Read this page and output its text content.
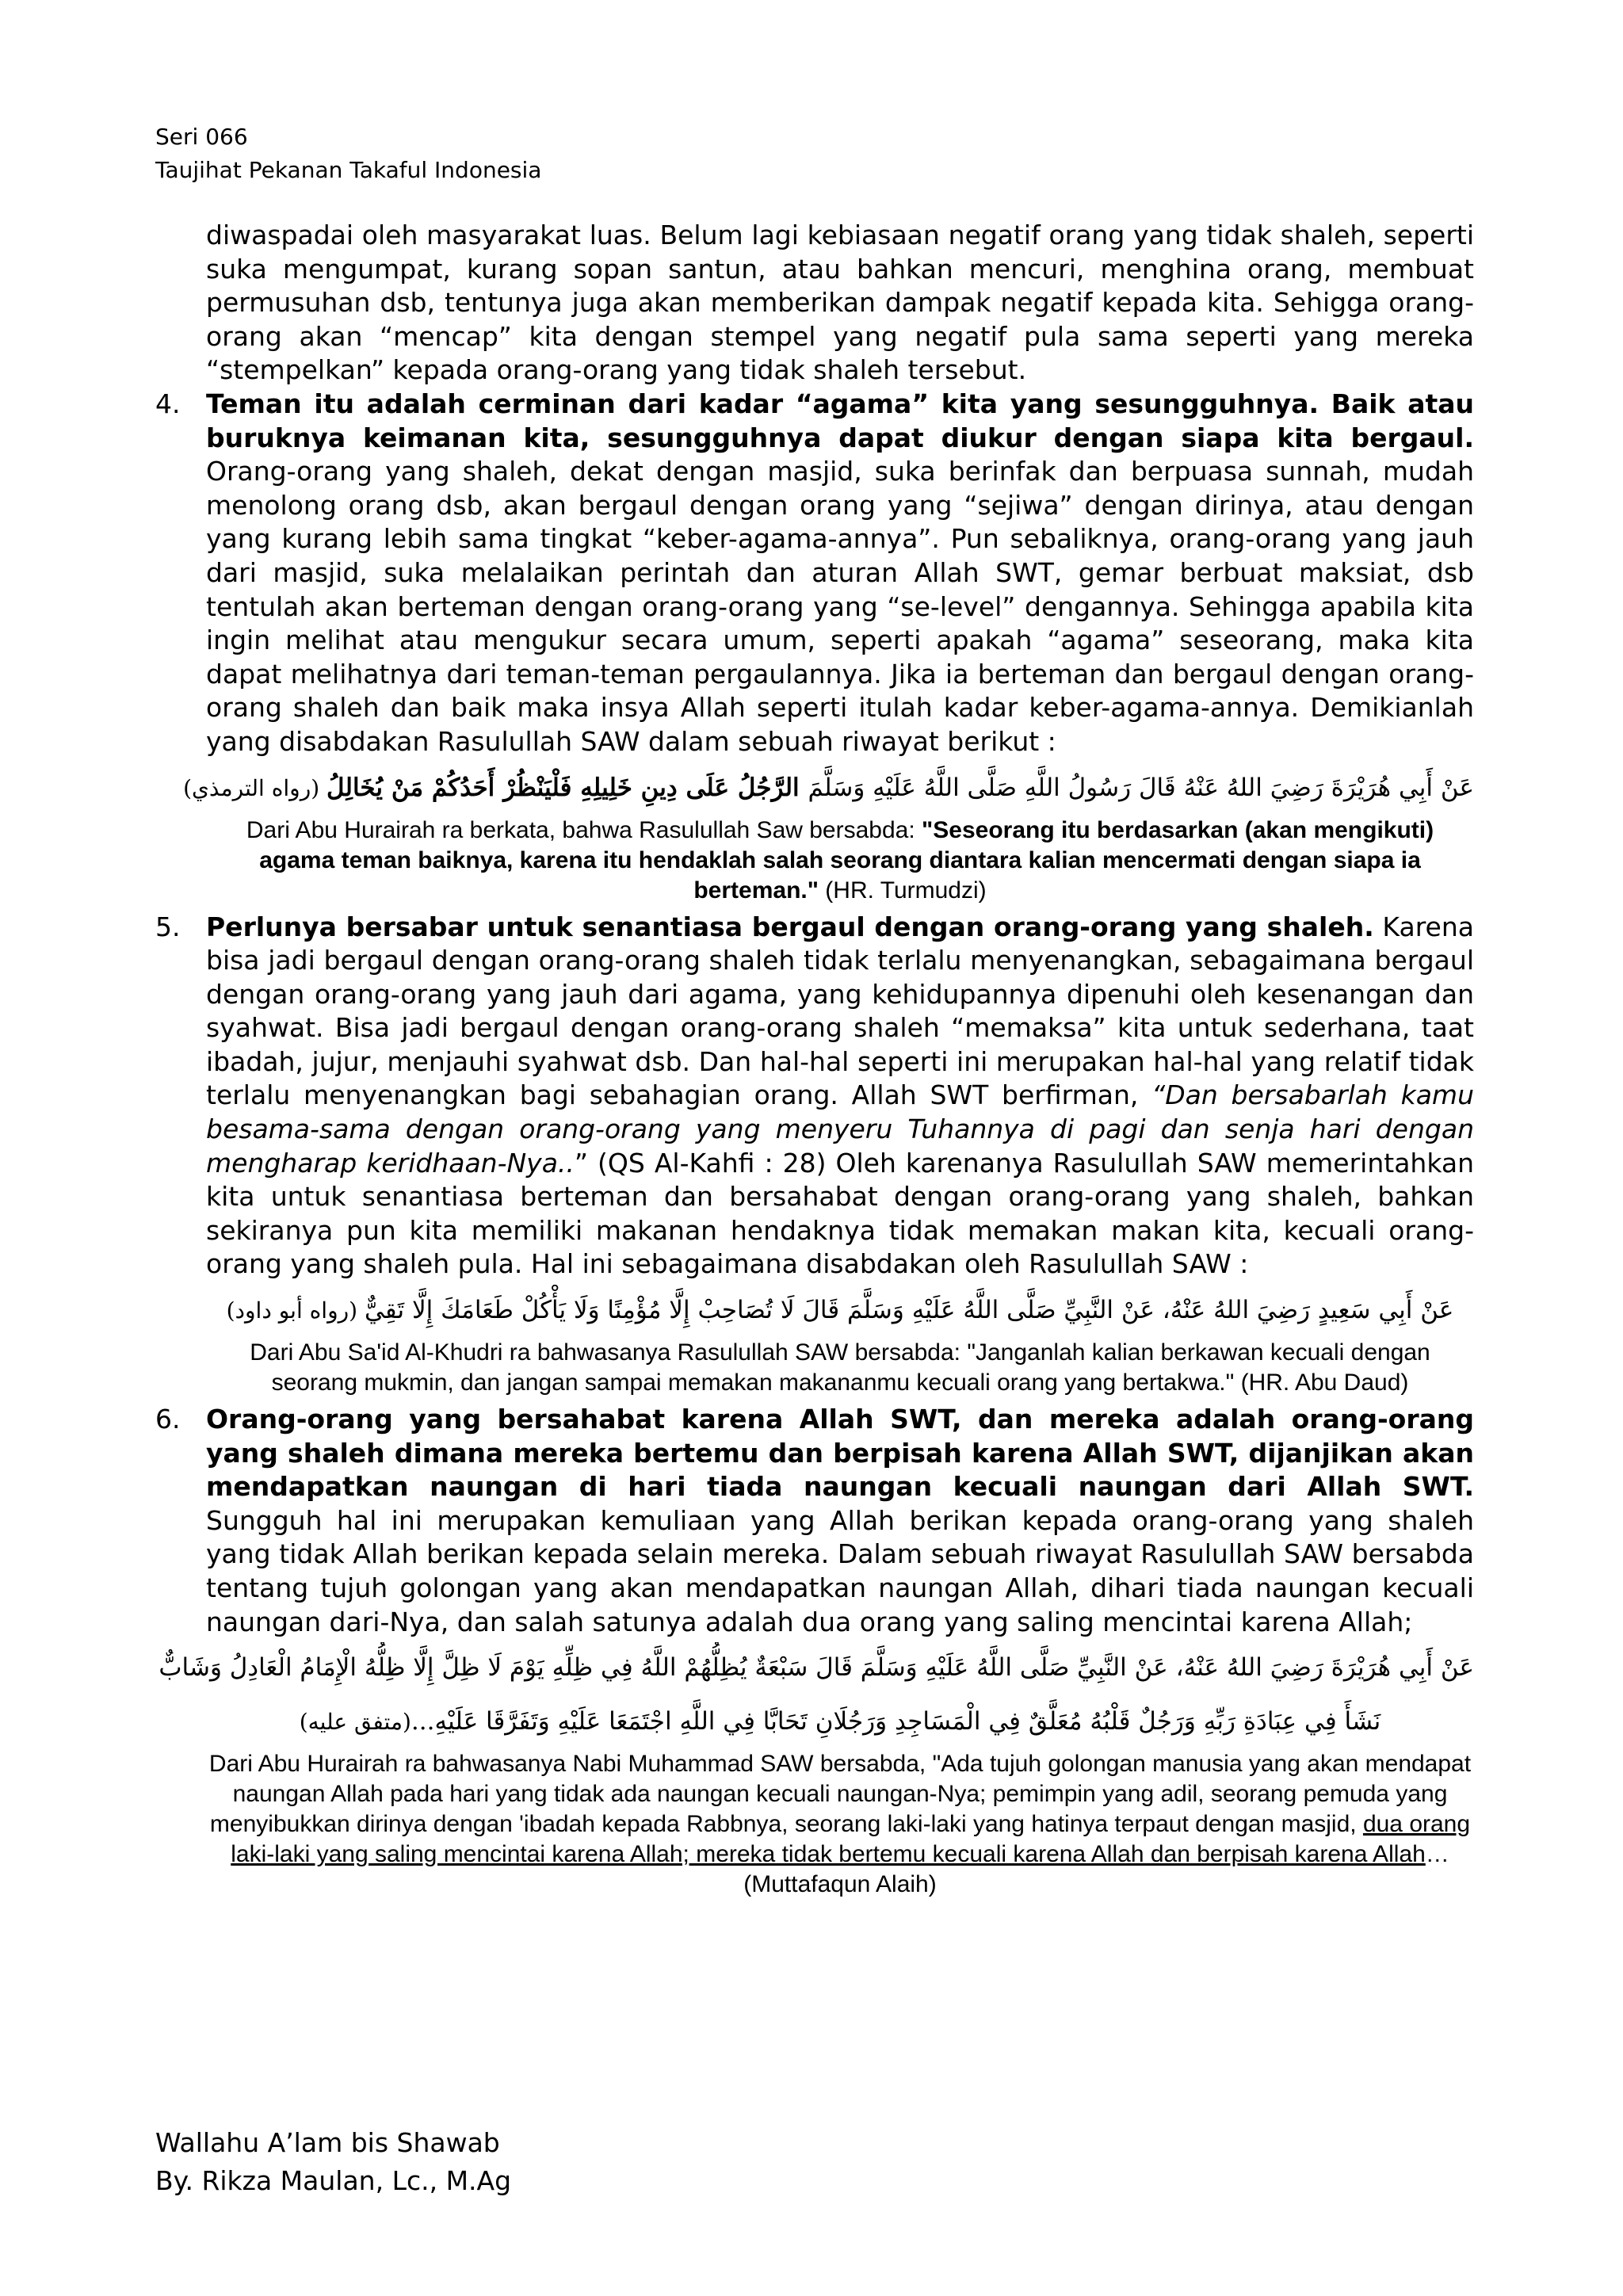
Seri 066
Taujihat Pekanan Takaful Indonesia

diwaspadai oleh masyarakat luas. Belum lagi kebiasaan negatif orang yang tidak shaleh, seperti suka mengumpat, kurang sopan santun, atau bahkan mencuri, menghina orang, membuat permusuhan dsb, tentunya juga akan memberikan dampak negatif kepada kita. Sehigga orang-orang akan “mencap” kita dengan stempel yang negatif pula sama seperti yang mereka “stempelkan” kepada orang-orang yang tidak shaleh tersebut.

4. Teman itu adalah cerminan dari kadar “agama” kita yang sesungguhnya. Baik atau buruknya keimanan kita, sesungguhnya dapat diukur dengan siapa kita bergaul. Orang-orang yang shaleh, dekat dengan masjid, suka berinfak dan berpuasa sunnah, mudah menolong orang dsb, akan bergaul dengan orang yang “sejiwa” dengan dirinya, atau dengan yang kurang lebih sama tingkat “keber-agama-annya”. Pun sebaliknya, orang-orang yang jauh dari masjid, suka melalaikan perintah dan aturan Allah SWT, gemar berbuat maksiat, dsb tentulah akan berteman dengan orang-orang yang “se-level” dengannya. Sehingga apabila kita ingin melihat atau mengukur secara umum, seperti apakah “agama” seseorang, maka kita dapat melihatnya dari teman-teman pergaulannya. Jika ia berteman dan bergaul dengan orang-orang shaleh dan baik maka insya Allah seperti itulah kadar keber-agama-annya. Demikianlah yang disabdakan Rasulullah SAW dalam sebuah riwayat berikut :

عَنْ أَبِي هُرَيْرَةَ رَضِيَ اللهُ عَنْهُ قَالَ رَسُولُ اللَّهِ صَلَّى اللَّهُ عَلَيْهِ وَسَلَّمَ الرَّجُلُ عَلَى دِينِ خَلِيلِهِ فَلْيَنْظُرْ أَحَدُكُمْ مَنْ يُخَالِلُ (رواه الترمذي)

Dari Abu Hurairah ra berkata, bahwa Rasulullah Saw bersabda: "Seseorang itu berdasarkan (akan mengikuti) agama teman baiknya, karena itu hendaklah salah seorang diantara kalian mencermati dengan siapa ia berteman." (HR. Turmudzi)

5. Perlunya bersabar untuk senantiasa bergaul dengan orang-orang yang shaleh. Karena bisa jadi bergaul dengan orang-orang shaleh tidak terlalu menyenangkan, sebagaimana bergaul dengan orang-orang yang jauh dari agama, yang kehidupannya dipenuhi oleh kesenangan dan syahwat. Bisa jadi bergaul dengan orang-orang shaleh “memaksa” kita untuk sederhana, taat ibadah, jujur, menjauhi syahwat dsb. Dan hal-hal seperti ini merupakan hal-hal yang relatif tidak terlalu menyenangkan bagi sebahagian orang. Allah SWT berfirman, “Dan bersabarlah kamu besama-sama dengan orang-orang yang menyeru Tuhannya di pagi dan senja hari dengan mengharap keridhaan-Nya..” (QS Al-Kahfi : 28) Oleh karenanya Rasulullah SAW memerintahkan kita untuk senantiasa berteman dan bersahabat dengan orang-orang yang shaleh, bahkan sekiranya pun kita memiliki makanan hendaknya tidak memakan makan kita, kecuali orang-orang yang shaleh pula. Hal ini sebagaimana disabdakan oleh Rasulullah SAW :

عَنْ أَبِي سَعِيدٍ رَضِيَ اللهُ عَنْهُ، عَنْ النَّبِيِّ صَلَّى اللَّهُ عَلَيْهِ وَسَلَّمَ قَالَ لَا تُصَاحِبْ إِلَّا مُؤْمِنًا وَلَا يَأْكُلْ طَعَامَكَ إِلَّا تَقِيٌّ (رواه أبو داود)

Dari Abu Sa'id Al-Khudri ra bahwasanya Rasulullah SAW bersabda: "Janganlah kalian berkawan kecuali dengan seorang mukmin, dan jangan sampai memakan makananmu kecuali orang yang bertakwa." (HR. Abu Daud)

6. Orang-orang yang bersahabat karena Allah SWT, dan mereka adalah orang-orang yang shaleh dimana mereka bertemu dan berpisah karena Allah SWT, dijanjikan akan mendapatkan naungan di hari tiada naungan kecuali naungan dari Allah SWT. Sungguh hal ini merupakan kemuliaan yang Allah berikan kepada orang-orang yang shaleh yang tidak Allah berikan kepada selain mereka. Dalam sebuah riwayat Rasulullah SAW bersabda tentang tujuh golongan yang akan mendapatkan naungan Allah, dihari tiada naungan kecuali naungan dari-Nya, dan salah satunya adalah dua orang yang saling mencintai karena Allah;

عَنْ أَبِي هُرَيْرَةَ رَضِيَ اللهُ عَنْهُ، عَنْ النَّبِيِّ صَلَّى اللَّهُ عَلَيْهِ وَسَلَّمَ قَالَ سَبْعَةٌ يُظِلُّهُمْ اللَّهُ فِي ظِلِّهِ يَوْمَ لَا ظِلَّ إِلَّا ظِلُّهُ الْإِمَامُ الْعَادِلُ وَشَابٌّ
نَشَأَ فِي عِبَادَةِ رَبِّهِ وَرَجُلٌ قَلْبُهُ مُعَلَّقٌ فِي الْمَسَاجِدِ وَرَجُلَانِ تَحَابَّا فِي اللَّهِ اجْتَمَعَا عَلَيْهِ وَتَفَرَّقَا عَلَيْهِ...(متفق عليه)

Dari Abu Hurairah ra bahwasanya Nabi Muhammad SAW bersabda, "Ada tujuh golongan manusia yang akan mendapat naungan Allah pada hari yang tidak ada naungan kecuali naungan-Nya; pemimpin yang adil, seorang pemuda yang menyibukkan dirinya dengan 'ibadah kepada Rabbnya, seorang laki-laki yang hatinya terpaut dengan masjid, dua orang laki-laki yang saling mencintai karena Allah; mereka tidak bertemu kecuali karena Allah dan berpisah karena Allah… (Muttafaqun Alaih)

Wallahu A’lam bis Shawab
By. Rikza Maulan, Lc., M.Ag
